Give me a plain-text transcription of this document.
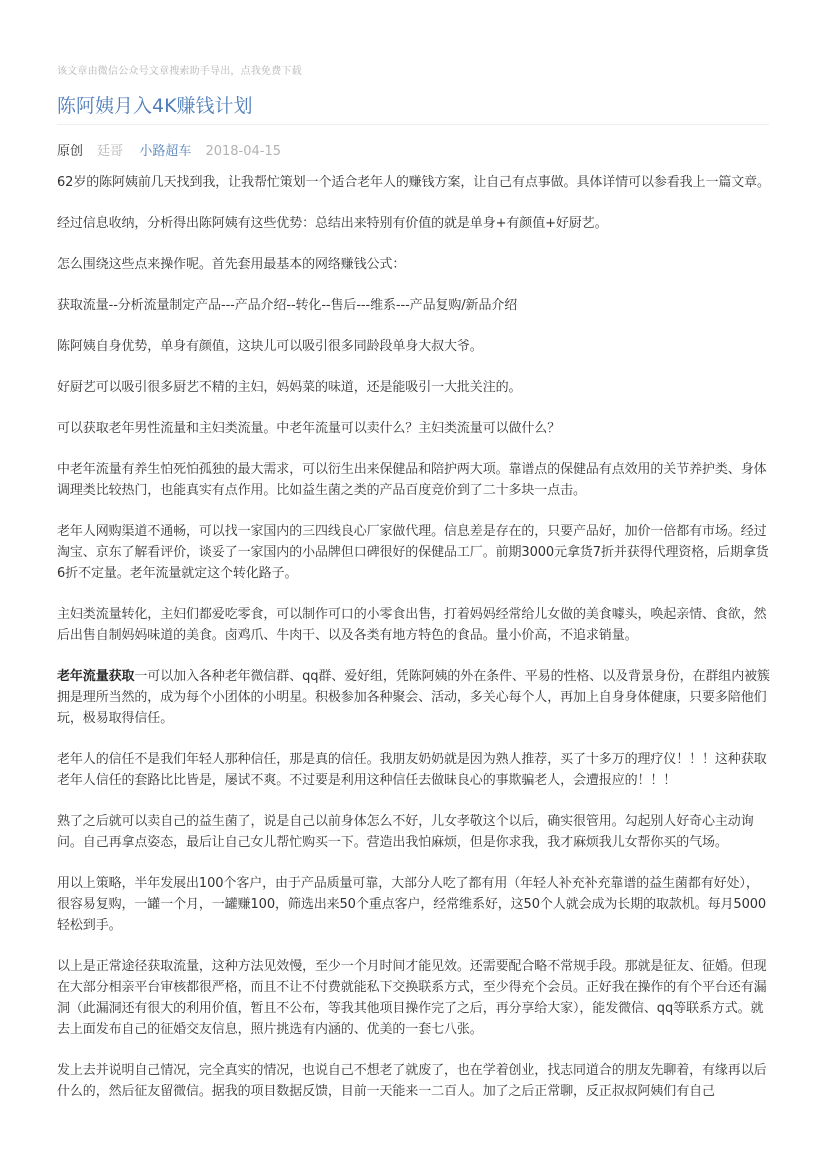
该文章由微信公众号文章搜索助手导出，点我免费下载
陈阿姨月入4K赚钱计划
原创 廷哥 小路超车 2018-04-15

62岁的陈阿姨前几天找到我，让我帮忙策划一个适合老年人的赚钱方案，让自己有点事做。具体详情可以参看我上一篇文章。

经过信息收纳，分析得出陈阿姨有这些优势：总结出来特别有价值的就是单身+有颜值+好厨艺。

怎么围绕这些点来操作呢。首先套用最基本的网络赚钱公式：

获取流量--分析流量制定产品---产品介绍--转化--售后---维系---产品复购/新品介绍

陈阿姨自身优势，单身有颜值，这块儿可以吸引很多同龄段单身大叔大爷。

好厨艺可以吸引很多厨艺不精的主妇，妈妈菜的味道，还是能吸引一大批关注的。

可以获取老年男性流量和主妇类流量。中老年流量可以卖什么？主妇类流量可以做什么？

中老年流量有养生怕死怕孤独的最大需求，可以衍生出来保健品和陪护两大项。靠谱点的保健品有点效用的关节养护类、身体调理类比较热门，也能真实有点作用。比如益生菌之类的产品百度竞价到了二十多块一点击。

老年人网购渠道不通畅，可以找一家国内的三四线良心厂家做代理。信息差是存在的，只要产品好，加价一倍都有市场。经过淘宝、京东了解看评价，谈妥了一家国内的小品牌但口碑很好的保健品工厂。前期3000元拿货7折并获得代理资格，后期拿货6折不定量。老年流量就定这个转化路子。

主妇类流量转化，主妇们都爱吃零食，可以制作可口的小零食出售，打着妈妈经常给儿女做的美食噱头，唤起亲情、食欲，然后出售自制妈妈味道的美食。卤鸡爪、牛肉干、以及各类有地方特色的食品。量小价高，不追求销量。

老年流量获取一可以加入各种老年微信群、qq群、爱好组，凭陈阿姨的外在条件、平易的性格、以及背景身份，在群组内被簇拥是理所当然的，成为每个小团体的小明星。积极参加各种聚会、活动，多关心每个人，再加上自身身体健康，只要多陪他们玩，极易取得信任。

老年人的信任不是我们年轻人那种信任，那是真的信任。我朋友奶奶就是因为熟人推荐，买了十多万的理疗仪！！！这种获取老年人信任的套路比比皆是，屡试不爽。不过要是利用这种信任去做昧良心的事欺骗老人，会遭报应的！！！

熟了之后就可以卖自己的益生菌了，说是自己以前身体怎么不好，儿女孝敬这个以后，确实很管用。勾起别人好奇心主动询问。自己再拿点姿态，最后让自己女儿帮忙购买一下。营造出我怕麻烦，但是你求我，我才麻烦我儿女帮你买的气场。

用以上策略，半年发展出100个客户，由于产品质量可靠，大部分人吃了都有用（年轻人补充补充靠谱的益生菌都有好处），很容易复购，一罐一个月，一罐赚100，筛选出来50个重点客户，经常维系好，这50个人就会成为长期的取款机。每月5000轻松到手。

以上是正常途径获取流量，这种方法见效慢，至少一个月时间才能见效。还需要配合略不常规手段。那就是征友、征婚。但现在大部分相亲平台审核都很严格，而且不让不付费就能私下交换联系方式，至少得充个会员。正好我在操作的有个平台还有漏洞（此漏洞还有很大的利用价值，暂且不公布，等我其他项目操作完了之后，再分享给大家），能发微信、qq等联系方式。就去上面发布自己的征婚交友信息，照片挑选有内涵的、优美的一套七八张。

发上去并说明自己情况，完全真实的情况，也说自己不想老了就废了，也在学着创业，找志同道合的朋友先聊着，有缘再以后什么的，然后征友留微信。据我的项目数据反馈，目前一天能来一二百人。加了之后正常聊，反正叔叔阿姨们有自己
